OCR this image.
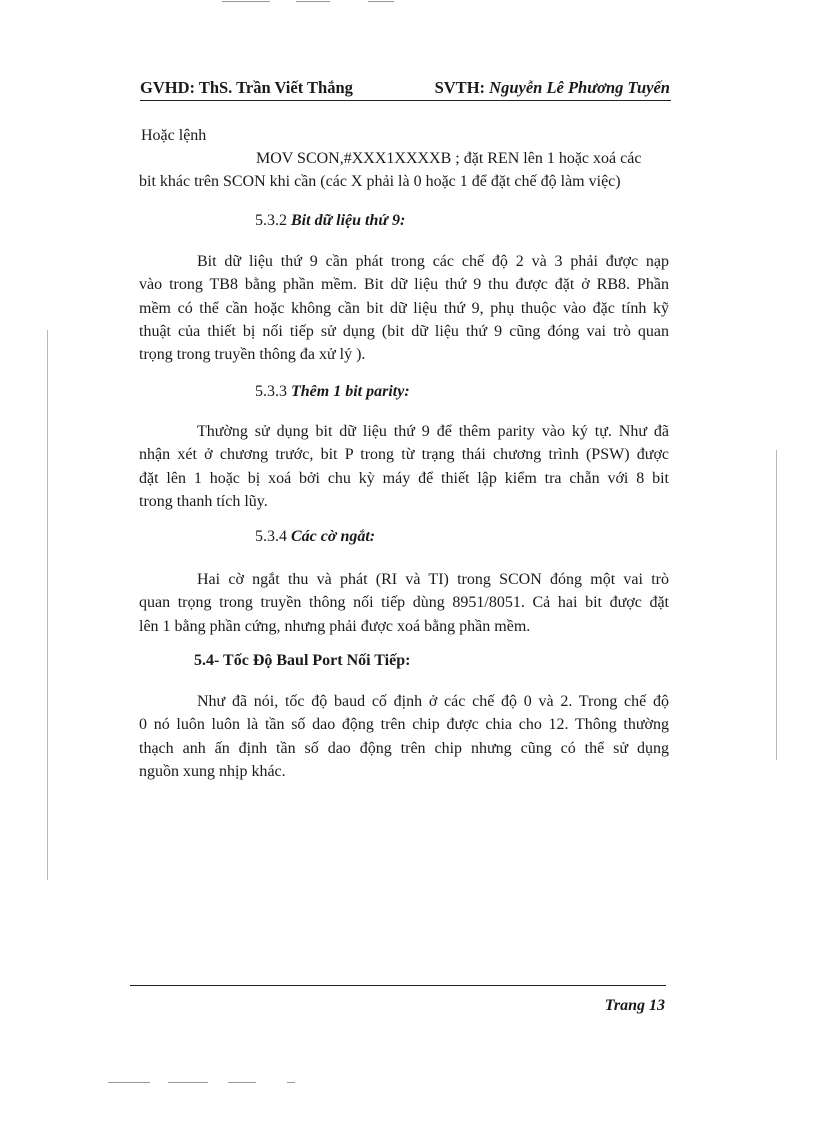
GVHD: ThS. Trần Viết Thắng	SVTH: Nguyễn Lê Phương Tuyến
Hoặc lệnh
MOV SCON,#XXX1XXXXB ; đặt REN lên 1 hoặc xoá các
bit khác trên SCON khi cần (các X phải là 0 hoặc 1 để đặt chế độ làm việc)
5.3.2 Bit dữ liệu thứ 9:
Bit dữ liệu thứ 9 cần phát trong các chế độ 2 và 3 phải được nạp
vào trong TB8 bằng phần mềm. Bit dữ liệu thứ 9 thu được đặt ở RB8. Phần
mềm có thể cần hoặc không cần bit dữ liệu thứ 9, phụ thuộc vào đặc tính kỹ
thuật của thiết bị nối tiếp sử dụng (bit dữ liệu thứ 9 cũng đóng vai trò quan
trọng trong truyền thông đa xử lý ).
5.3.3 Thêm 1 bit parity:
Thường sử dụng bit dữ liệu thứ 9 để thêm parity vào ký tự. Như đã
nhận xét ở chương trước, bit P trong từ trạng thái chương trình (PSW) được
đặt lên 1 hoặc bị xoá bởi chu kỳ máy để thiết lập kiểm tra chẵn với 8 bit
trong thanh tích lũy.
5.3.4 Các cờ ngắt:
Hai cờ ngắt thu và phát (RI và TI) trong SCON đóng một vai trò
quan trọng trong truyền thông nối tiếp dùng 8951/8051. Cả hai bit được đặt
lên 1 bằng phần cứng, nhưng phải được xoá bằng phần mềm.
5.4- Tốc Độ Baul Port Nối Tiếp:
Như đã nói, tốc độ baud cố định ở các chế độ 0 và 2. Trong chế độ
0 nó luôn luôn là tần số dao động trên chip được chia cho 12. Thông thường
thạch anh ấn định tần số dao động trên chip nhưng cũng có thể sử dụng
nguồn xung nhịp khác.
Trang 13
